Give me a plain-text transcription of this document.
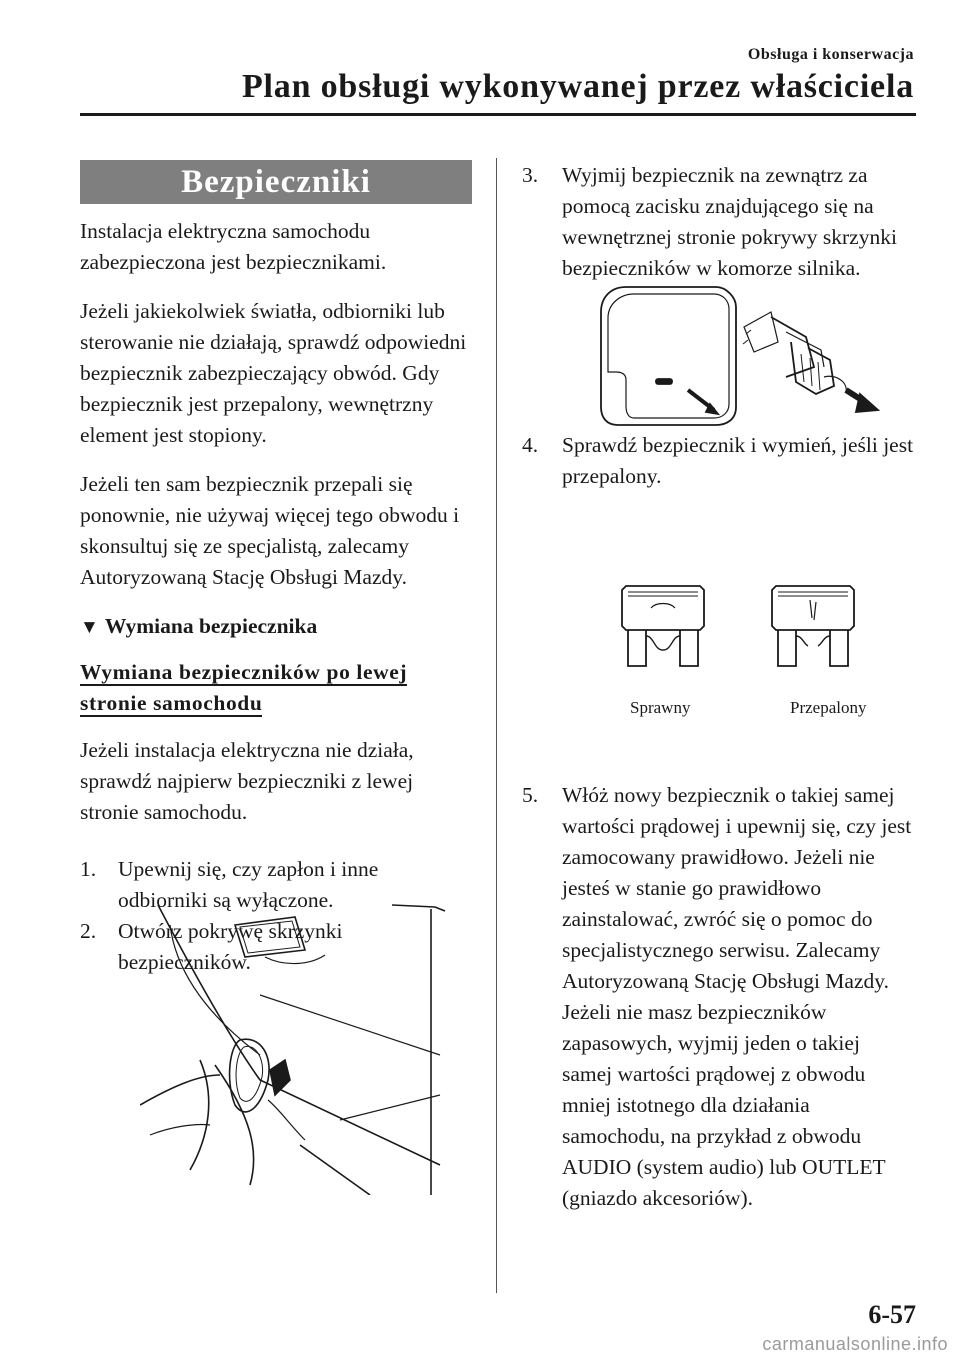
Obsługa i konserwacja
Plan obsługi wykonywanej przez właściciela
Bezpieczniki

Instalacja elektryczna samochodu zabezpieczona jest bezpiecznikami.

Jeżeli jakiekolwiek światła, odbiorniki lub sterowanie nie działają, sprawdź odpowiedni bezpiecznik zabezpieczający obwód. Gdy bezpiecznik jest przepalony, wewnętrzny element jest stopiony.

Jeżeli ten sam bezpiecznik przepali się ponownie, nie używaj więcej tego obwodu i skonsultuj się ze specjalistą, zalecamy Autoryzowaną Stację Obsługi Mazdy.

▼ Wymiana bezpiecznika
Wymiana bezpieczników po lewej
stronie samochodu

Jeżeli instalacja elektryczna nie działa, sprawdź najpierw bezpieczniki z lewej stronie samochodu.

1. Upewnij się, czy zapłon i inne odbiorniki są wyłączone.
2. Otwórz pokrywę skrzynki bezpieczników.
3. Wyjmij bezpiecznik na zewnątrz za pomocą zacisku znajdującego się na wewnętrznej stronie pokrywy skrzynki bezpieczników w komorze silnika.
4. Sprawdź bezpiecznik i wymień, jeśli jest przepalony.
Sprawny	Przepalony
5. Włóż nowy bezpiecznik o takiej samej wartości prądowej i upewnij się, czy jest zamocowany prawidłowo. Jeżeli nie jesteś w stanie go prawidłowo zainstalować, zwróć się o pomoc do specjalistycznego serwisu. Zalecamy Autoryzowaną Stację Obsługi Mazdy. Jeżeli nie masz bezpieczników zapasowych, wyjmij jeden o takiej samej wartości prądowej z obwodu mniej istotnego dla działania samochodu, na przykład z obwodu AUDIO (system audio) lub OUTLET (gniazdo akcesoriów).
6-57
carmanualsonline.info
